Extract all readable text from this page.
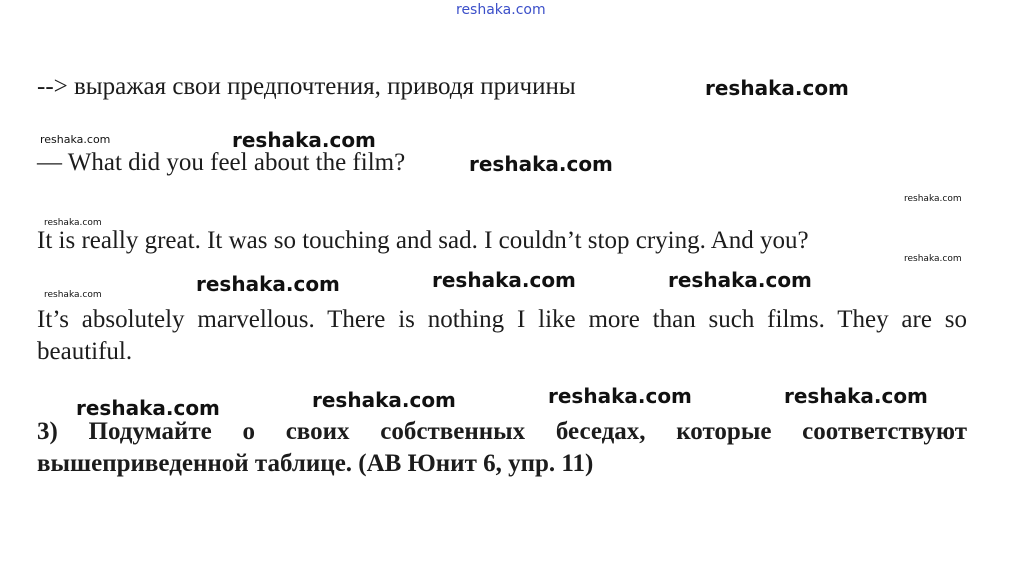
reshaka.com

--> выражая свои предпочтения, приводя причины

— What did you feel about the film?

It is really great. It was so touching and sad. I couldn’t stop crying. And you?

It’s absolutely marvellous. There is nothing I like more than such films. They are so beautiful.

3) Подумайте о своих собственных беседах, которые соответствуют вышеприведенной таблице. (AB Юнит 6, упр. 11)

reshaka.com
reshaka.com	reshaka.com
reshaka.com
reshaka.com
reshaka.com
reshaka.com
reshaka.com	reshaka.com	reshaka.com
reshaka.com
reshaka.com	reshaka.com
reshaka.com
reshaka.com
